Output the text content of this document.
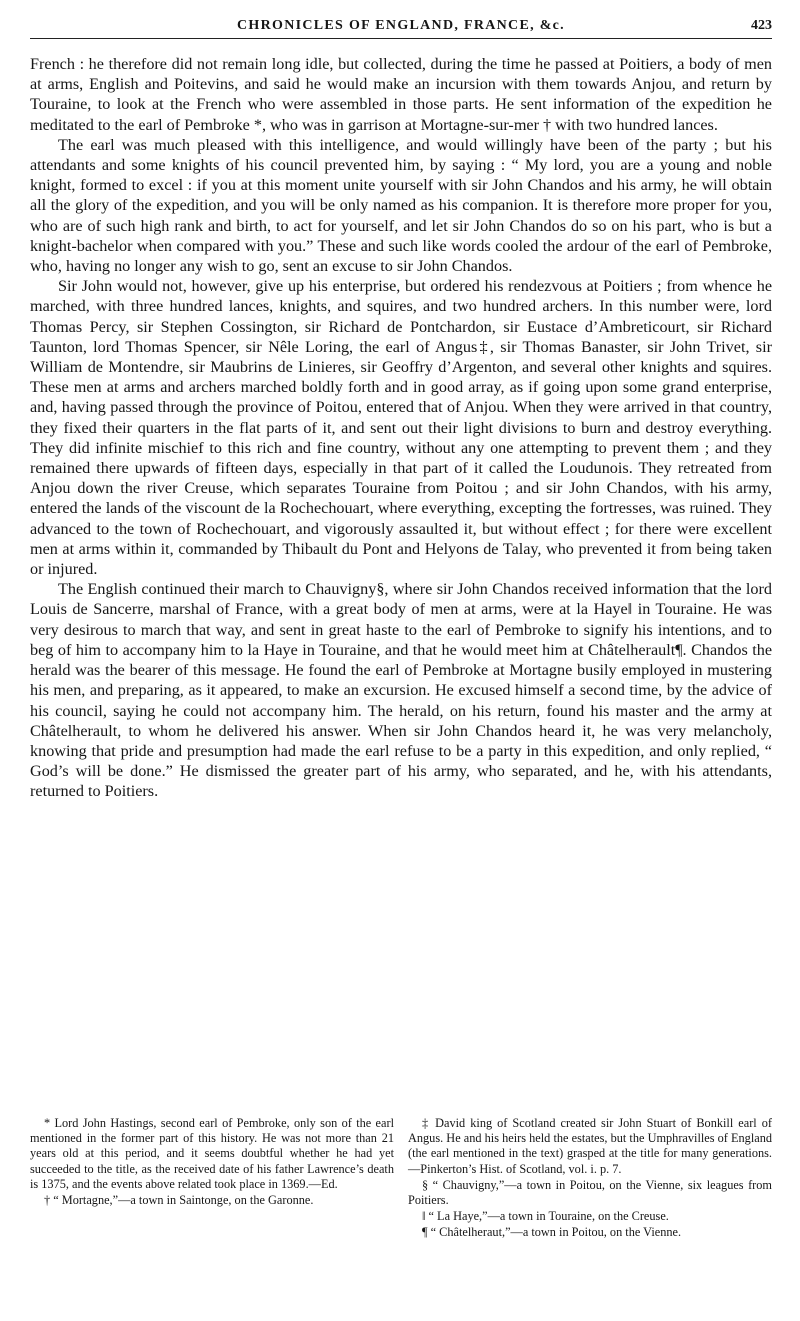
CHRONICLES OF ENGLAND, FRANCE, &c.	423

French : he therefore did not remain long idle, but collected, during the time he passed at Poitiers, a body of men at arms, English and Poitevins, and said he would make an incursion with them towards Anjou, and return by Touraine, to look at the French who were assembled in those parts. He sent information of the expedition he meditated to the earl of Pembroke *, who was in garrison at Mortagne-sur-mer † with two hundred lances.

The earl was much pleased with this intelligence, and would willingly have been of the party ; but his attendants and some knights of his council prevented him, by saying : “ My lord, you are a young and noble knight, formed to excel : if you at this moment unite yourself with sir John Chandos and his army, he will obtain all the glory of the expedition, and you will be only named as his companion. It is therefore more proper for you, who are of such high rank and birth, to act for yourself, and let sir John Chandos do so on his part, who is but a knight-bachelor when compared with you.” These and such like words cooled the ardour of the earl of Pembroke, who, having no longer any wish to go, sent an excuse to sir John Chandos.

Sir John would not, however, give up his enterprise, but ordered his rendezvous at Poitiers ; from whence he marched, with three hundred lances, knights, and squires, and two hundred archers. In this number were, lord Thomas Percy, sir Stephen Cossington, sir Richard de Pontchardon, sir Eustace d’Ambreticourt, sir Richard Taunton, lord Thomas Spencer, sir Nêle Loring, the earl of Angus‡, sir Thomas Banaster, sir John Trivet, sir William de Montendre, sir Maubrins de Linieres, sir Geoffry d’Argenton, and several other knights and squires. These men at arms and archers marched boldly forth and in good array, as if going upon some grand enterprise, and, having passed through the province of Poitou, entered that of Anjou. When they were arrived in that country, they fixed their quarters in the flat parts of it, and sent out their light divisions to burn and destroy everything. They did infinite mischief to this rich and fine country, without any one attempting to prevent them ; and they remained there upwards of fifteen days, especially in that part of it called the Loudunois. They retreated from Anjou down the river Creuse, which separates Touraine from Poitou ; and sir John Chandos, with his army, entered the lands of the viscount de la Rochechouart, where everything, excepting the fortresses, was ruined. They advanced to the town of Rochechouart, and vigorously assaulted it, but without effect ; for there were excellent men at arms within it, commanded by Thibault du Pont and Helyons de Talay, who prevented it from being taken or injured.

The English continued their march to Chauvigny§, where sir John Chandos received information that the lord Louis de Sancerre, marshal of France, with a great body of men at arms, were at la Haye‖ in Touraine. He was very desirous to march that way, and sent in great haste to the earl of Pembroke to signify his intentions, and to beg of him to accompany him to la Haye in Touraine, and that he would meet him at Châtelherault¶. Chandos the herald was the bearer of this message. He found the earl of Pembroke at Mortagne busily employed in mustering his men, and preparing, as it appeared, to make an excursion. He excused himself a second time, by the advice of his council, saying he could not accompany him. The herald, on his return, found his master and the army at Châtelherault, to whom he delivered his answer. When sir John Chandos heard it, he was very melancholy, knowing that pride and presumption had made the earl refuse to be a party in this expedition, and only replied, “ God’s will be done.” He dismissed the greater part of his army, who separated, and he, with his attendants, returned to Poitiers.

* Lord John Hastings, second earl of Pembroke, only son of the earl mentioned in the former part of this history. He was not more than 21 years old at this period, and it seems doubtful whether he had yet succeeded to the title, as the received date of his father Lawrence’s death is 1375, and the events above related took place in 1369.—Ed.

† “ Mortagne,”—a town in Saintonge, on the Garonne.

‡ David king of Scotland created sir John Stuart of Bonkill earl of Angus. He and his heirs held the estates, but the Umphravilles of England (the earl mentioned in the text) grasped at the title for many generations.—Pinkerton’s Hist. of Scotland, vol. i. p. 7.

§ “ Chauvigny,”—a town in Poitou, on the Vienne, six leagues from Poitiers.

‖ “ La Haye,”—a town in Touraine, on the Creuse.

¶ “ Châtelheraut,”—a town in Poitou, on the Vienne.
